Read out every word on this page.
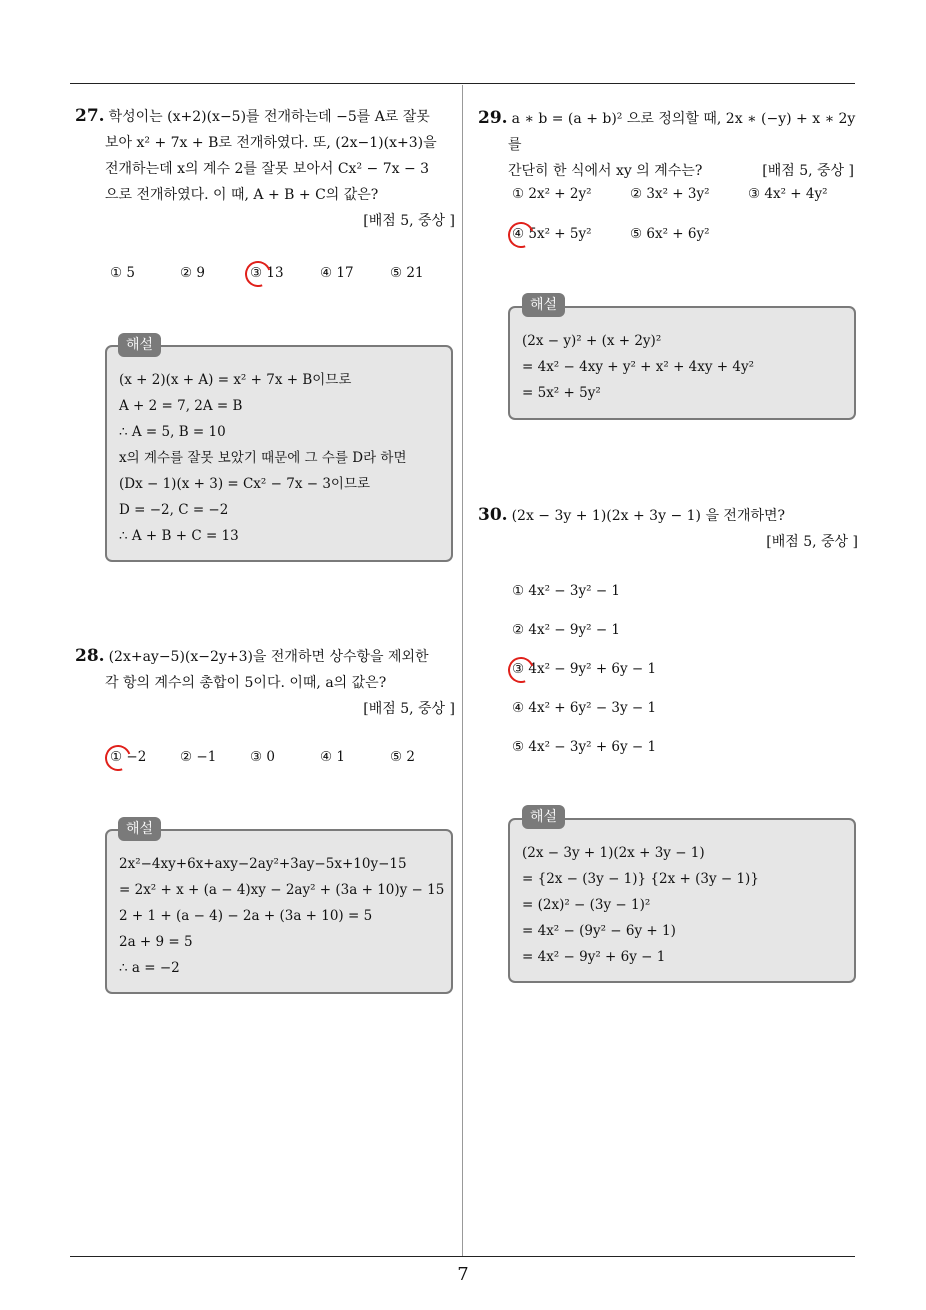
7
27. 학성이는 (x+2)(x−5)를 전개하는데 −5를 A로 잘못
보아 x² + 7x + B로 전개하였다. 또, (2x−1)(x+3)을
전개하는데 x의 계수 2를 잘못 보아서 Cx² − 7x − 3
으로 전개하였다. 이 때, A + B + C의 값은?
[배점 5, 중상 ]
① 5	② 9	③ 13	④ 17	⑤ 21
(x + 2)(x + A) = x² + 7x + B이므로
A + 2 = 7, 2A = B
∴ A = 5, B = 10
x의 계수를 잘못 보았기 때문에 그 수를 D라 하면
(Dx − 1)(x + 3) = Cx² − 7x − 3이므로
D = −2, C = −2
∴ A + B + C = 13
해설
28. (2x+ay−5)(x−2y+3)을 전개하면 상수항을 제외한
각 항의 계수의 총합이 5이다. 이때, a의 값은?
[배점 5, 중상 ]
① −2 ② −1 ③ 0	④ 1	⑤ 2
2x²−4xy+6x+axy−2ay²+3ay−5x+10y−15
= 2x² + x + (a − 4)xy − 2ay² + (3a + 10)y − 15
2 + 1 + (a − 4) − 2a + (3a + 10) = 5
2a + 9 = 5
∴ a = −2
해설
29. a ∗ b = (a + b)² 으로 정의할 때, 2x ∗ (−y) + x ∗ 2y 를
간단히 한 식에서 xy 의 계수는?	[배점 5, 중상 ]
① 2x² + 2y²	② 3x² + 3y²	③ 4x² + 4y²
④ 5x² + 5y²	⑤ 6x² + 6y²
(2x − y)² + (x + 2y)²
= 4x² − 4xy + y² + x² + 4xy + 4y²
= 5x² + 5y²
해설
30. (2x − 3y + 1)(2x + 3y − 1) 을 전개하면?
[배점 5, 중상 ]
① 4x² − 3y² − 1
② 4x² − 9y² − 1
③ 4x² − 9y² + 6y − 1
④ 4x² + 6y² − 3y − 1
⑤ 4x² − 3y² + 6y − 1
(2x − 3y + 1)(2x + 3y − 1)
= {2x − (3y − 1)} {2x + (3y − 1)}
= (2x)² − (3y − 1)²
= 4x² − (9y² − 6y + 1)
= 4x² − 9y² + 6y − 1
해설
